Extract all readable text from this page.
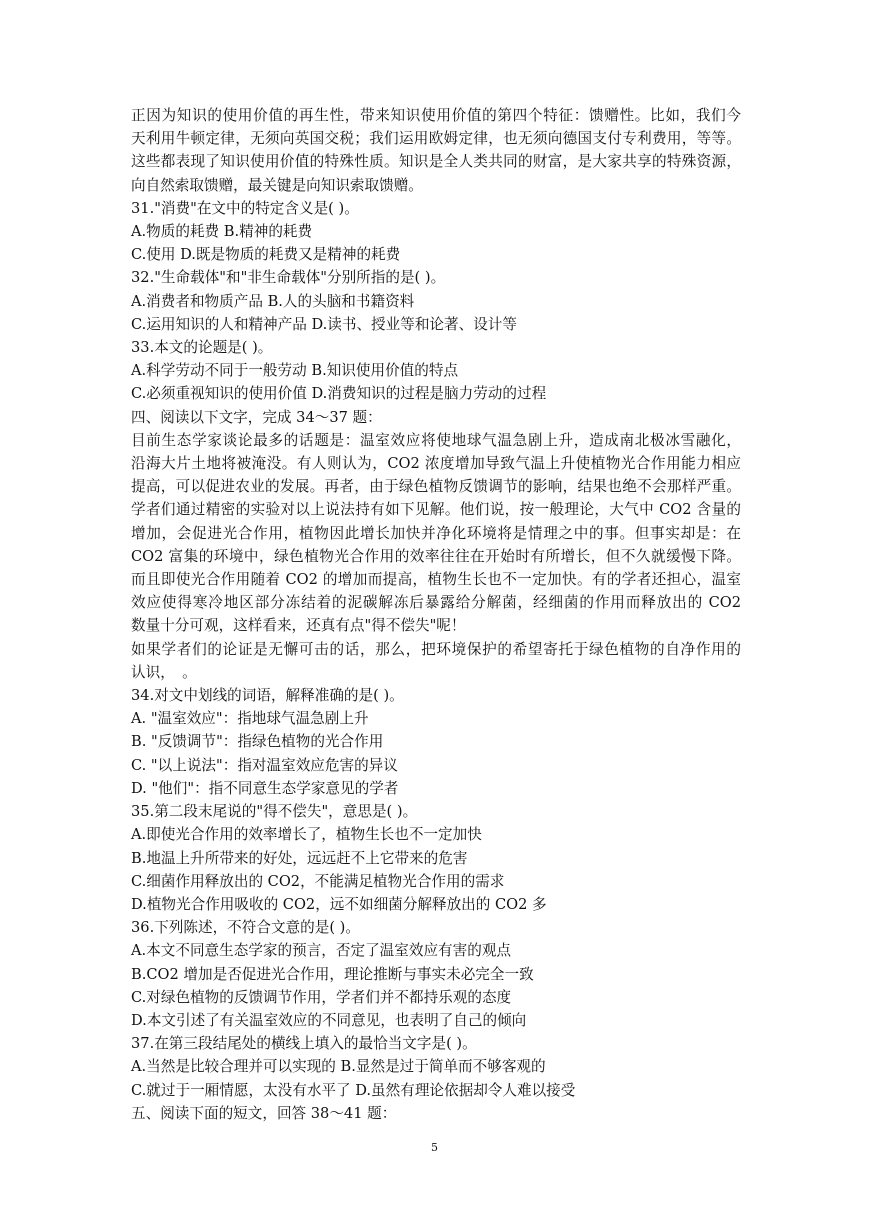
正因为知识的使用价值的再生性，带来知识使用价值的第四个特征：馈赠性。比如，我们今

天利用牛顿定律，无须向英国交税；我们运用欧姆定律，也无须向德国支付专利费用，等等。

这些都表现了知识使用价值的特殊性质。知识是全人类共同的财富，是大家共享的特殊资源，

向自然索取馈赠，最关键是向知识索取馈赠。

31."消费"在文中的特定含义是( )。

A.物质的耗费 B.精神的耗费

C.使用 D.既是物质的耗费又是精神的耗费

32."生命载体"和"非生命载体"分别所指的是( )。

A.消费者和物质产品 B.人的头脑和书籍资料

C.运用知识的人和精神产品 D.读书、授业等和论著、设计等

33.本文的论题是( )。

A.科学劳动不同于一般劳动 B.知识使用价值的特点

C.必须重视知识的使用价值 D.消费知识的过程是脑力劳动的过程

四、阅读以下文字，完成 34～37 题：

目前生态学家谈论最多的话题是：温室效应将使地球气温急剧上升，造成南北极冰雪融化，

沿海大片土地将被淹没。有人则认为，CO2 浓度增加导致气温上升使植物光合作用能力相应

提高，可以促进农业的发展。再者，由于绿色植物反馈调节的影响，结果也绝不会那样严重。

学者们通过精密的实验对以上说法持有如下见解。他们说，按一般理论，大气中 CO2 含量的

增加，会促进光合作用，植物因此增长加快并净化环境将是情理之中的事。但事实却是：在

CO2 富集的环境中，绿色植物光合作用的效率往往在开始时有所增长，但不久就缓慢下降。

而且即使光合作用随着 CO2 的增加而提高，植物生长也不一定加快。有的学者还担心，温室

效应使得寒冷地区部分冻结着的泥碳解冻后暴露给分解菌，经细菌的作用而释放出的 CO2

数量十分可观，这样看来，还真有点"得不偿失"呢！

如果学者们的论证是无懈可击的话，那么，把环境保护的希望寄托于绿色植物的自净作用的

认识，　。

34.对文中划线的词语，解释准确的是( )。

A. "温室效应"：指地球气温急剧上升

B. "反馈调节"：指绿色植物的光合作用

C. "以上说法"：指对温室效应危害的异议

D. "他们"：指不同意生态学家意见的学者

35.第二段末尾说的"得不偿失"，意思是( )。

A.即使光合作用的效率增长了，植物生长也不一定加快

B.地温上升所带来的好处，远远赶不上它带来的危害

C.细菌作用释放出的 CO2，不能满足植物光合作用的需求

D.植物光合作用吸收的 CO2，远不如细菌分解释放出的 CO2 多

36.下列陈述，不符合文意的是( )。

A.本文不同意生态学家的预言，否定了温室效应有害的观点

B.CO2 增加是否促进光合作用，理论推断与事实未必完全一致

C.对绿色植物的反馈调节作用，学者们并不都持乐观的态度

D.本文引述了有关温室效应的不同意见，也表明了自己的倾向

37.在第三段结尾处的横线上填入的最恰当文字是( )。

A.当然是比较合理并可以实现的 B.显然是过于简单而不够客观的

C.就过于一厢情愿，太没有水平了 D.虽然有理论依据却令人难以接受

五、阅读下面的短文，回答 38～41 题：

5
